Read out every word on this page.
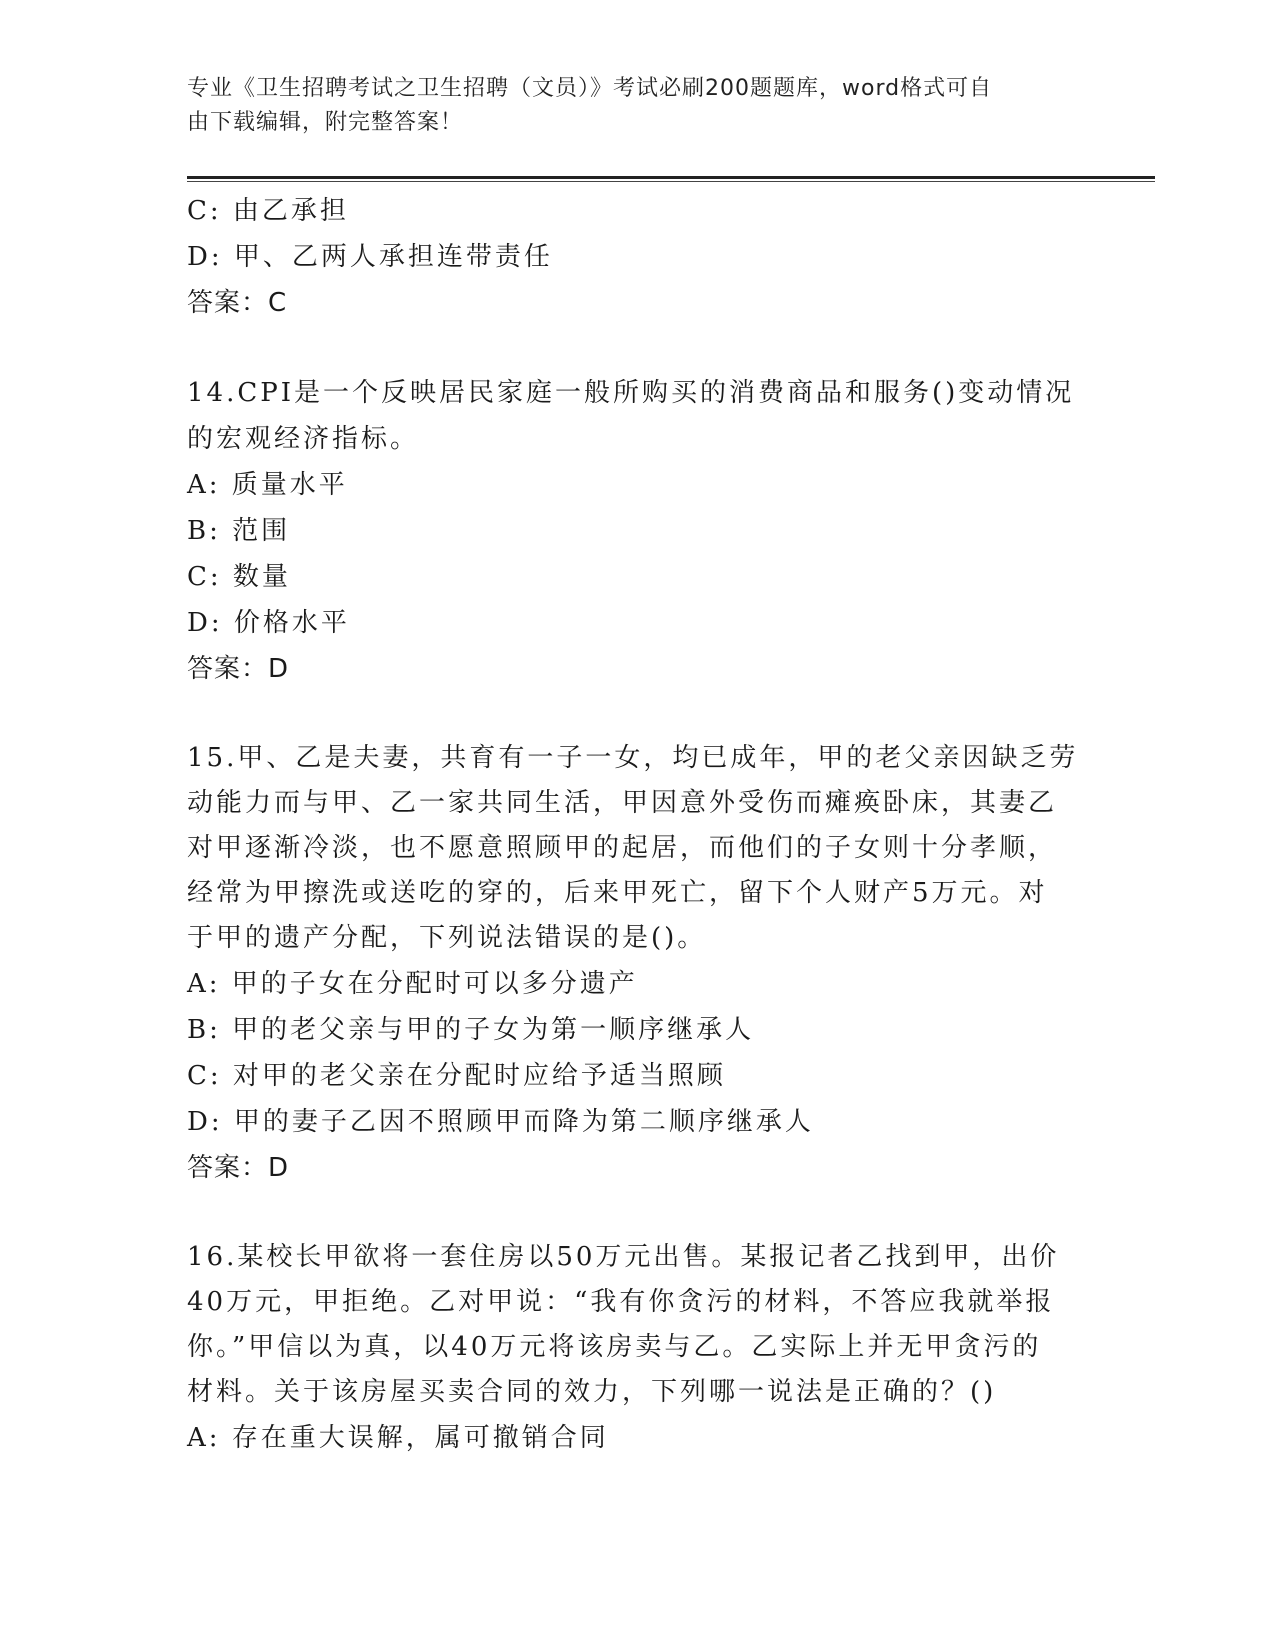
专业《卫生招聘考试之卫生招聘（文员）》考试必刷200题题库，word格式可自
由下载编辑，附完整答案！
C: 由乙承担
D: 甲、乙两人承担连带责任
答案：C
14.CPI是一个反映居民家庭一般所购买的消费商品和服务()变动情况
的宏观经济指标。
A: 质量水平
B: 范围
C: 数量
D: 价格水平
答案：D
15.甲、乙是夫妻，共育有一子一女，均已成年，甲的老父亲因缺乏劳
动能力而与甲、乙一家共同生活，甲因意外受伤而瘫痪卧床，其妻乙
对甲逐渐冷淡，也不愿意照顾甲的起居，而他们的子女则十分孝顺，
经常为甲擦洗或送吃的穿的，后来甲死亡，留下个人财产5万元。对
于甲的遗产分配，下列说法错误的是()。
A: 甲的子女在分配时可以多分遗产
B: 甲的老父亲与甲的子女为第一顺序继承人
C: 对甲的老父亲在分配时应给予适当照顾
D: 甲的妻子乙因不照顾甲而降为第二顺序继承人
答案：D
16.某校长甲欲将一套住房以50万元出售。某报记者乙找到甲，出价
40万元，甲拒绝。乙对甲说：“我有你贪污的材料，不答应我就举报
你。”甲信以为真，以40万元将该房卖与乙。乙实际上并无甲贪污的
材料。关于该房屋买卖合同的效力，下列哪一说法是正确的？()
A: 存在重大误解，属可撤销合同
